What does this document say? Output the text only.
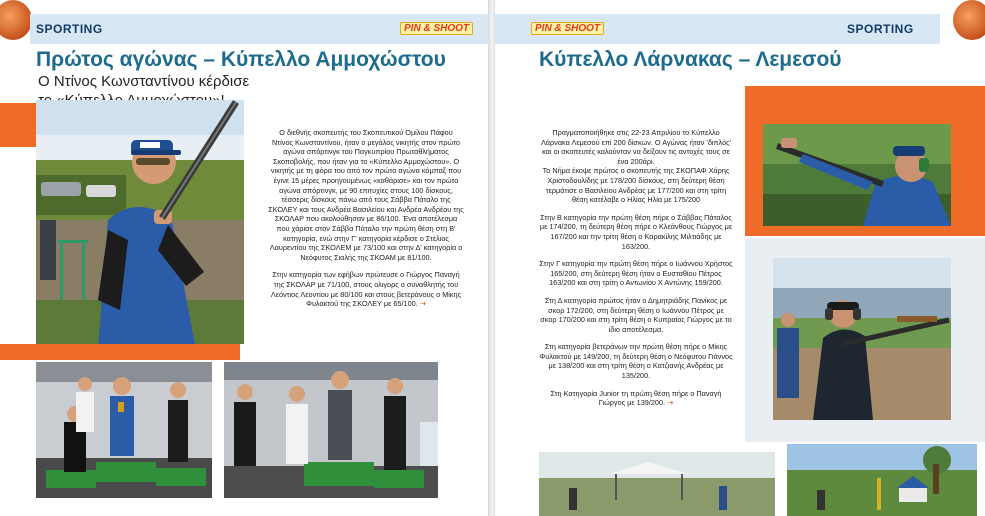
SPORTING	PIN & SHOOT
Πρώτος αγώνας – Κύπελλο Αμμοχώστου
Ο Ντίνος Κωνσταντίνου κέρδισε

Ο διεθνής σκοπευτής του Σκοπευτικού Ομίλου Πάφου Ντίνος Κωνσταντίνου, ήταν ο μεγάλος νικητής στον πρώτο αγώνα σπόρτινγκ του Παγκυπρίου Πρωταθλήματος Σκοποβολής, που ήταν για το «Κύπελλο Αμμοχώστου». Ο νικητής με τη φόρα του από τον πρώτο αγώνα κόμπαξ που έγινε 15 μέρες προηγουμένως «καθάρισε» και τον πρώτο αγώνα σπόρτινγκ, με 90 επιτυχίες στους 100 δίσκους, τέσσερις δίσκους πάνω από τους Σάββα Πάταλο της ΣΚΟΛΕΥ και τους Ανδρέα Βασιλείου και Ανδρέα Ανδρέου της ΣΚΟΛΑΡ που ακολούθησαν με 86/100. Ένα αποτέλεσμα που χάρισε στον Σάββα Πάταλο την πρώτη θέση στη Β' κατηγορία, ενώ στην Γ' κατηγορία κέρδισε ο Στέλιος Λαυρεντίου της ΣΚΟΛΕΜ με 73/100 και στην Δ' κατηγορία ο Νεόφυτος Σιαλής της ΣΚΟΑΜ με 81/100.

Στην κατηγορία των εφήβων πρώτευσε ο Γιώργος Παναγή της ΣΚΟΛΑΡ με 71/100, στους ολιγορς ο συναθλητής του Λεόντιος Λεοντίου με 80/100 και στους βετεράνους ο Μίκης Φυλακτού της ΣΚΟΛΕΥ με 65/100. ➝

PIN & SHOOT	SPORTING
Κύπελλο Λάρνακας – Λεμεσού

Πραγματοποιήθηκε στις 22-23 Απριλίου το Κύπελλο Λάρνακα Λεμεσού επί 200 δίσκων. Ο Αγώνας ήταν 'διπλός' και οι σκοπευτές καλούνταν να δείξουν τις αντοχές τους σε ένα 200άρι.

Το Νήμα έκοψε πρώτος ο σκοπευτής της ΣΚΟΠΑΦ Χάρης Χριστοδουλίδης με 178/200 δίσκους, στη δεύτερη θέση τερμάτισε ο Βασιλείου Ανδρέας με 177/200 και στη τρίτη θέση κατέλαβε ο Ηλίας Ηλία με 175/200

Στην Β κατηγορία την πρώτη θέση πήρε ο Σάββας Πάταλος με 174/200, τη δεύτερη θέση πήρε ο Κλεάνθους Γιώργος με 167/200 και την τρίτη θέση ο Καρακίλης Μιλτιάδης με 163/200.

Στην Γ κατηγορία την πρώτη θέση πήρε ο Ιωάννου Χρήστος 165/200, στη δεύτερη θέση ήταν ο Ευσταθίου Πέτρος 163/200 και στη τρίτη ο Αντωνίου Χ Αντώνης 159/200.

Στη Δ κατηγορία πρώτος ήταν ο Δημητριάδης Πανίκος με σκορ 172/200, στη δεύτερη θέση ο Ιωάννου Πέτρος με σκορ 170/200 και στη τρίτη θέση ο Κυπραίος Γιώργος με το ίδιο αποτέλεσμα.

Στη κατηγορία βετεράνων την πρώτη θέση πήρε ο Μίκης Φυλακτού με 149/200, τη δεύτερη θέση ο Νεόφυτου Γιάννος με 138/200 και στη τρίτη θέση ο Κατζιανής Ανδρέας με 135/200.

Στη Κατηγορία Junior τη πρώτη θέση πήρε ο Παναγή Γιώργος με 139/200. ➝
